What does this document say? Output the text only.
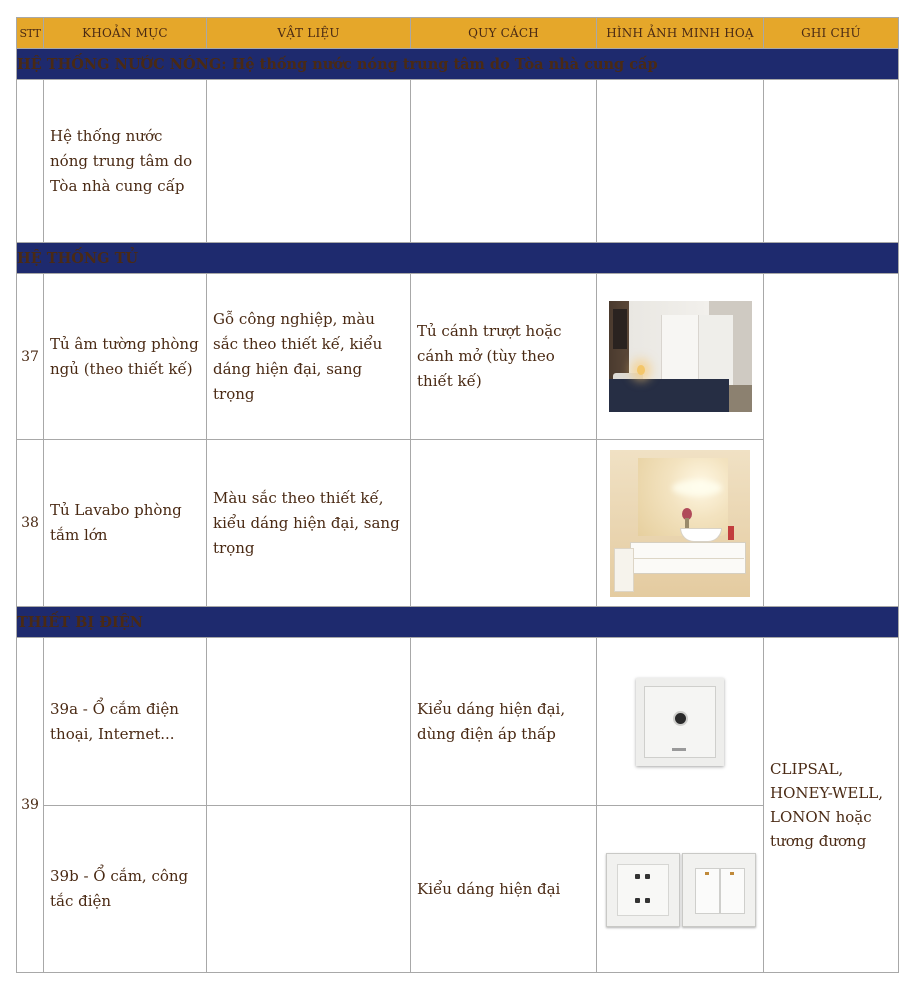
STT	KHOẢN MỤC	VẬT LIỆU	QUY CÁCH	HÌNH ẢNH MINH HOẠ	GHI CHÚ
HỆ THỐNG NƯỚC NÓNG: Hệ thống nước nóng trung tâm do Tòa nhà cung cấp					
	Hệ thống nước nóng trung tâm do Tòa nhà cung cấp				
HỆ THỐNG TỦ					
37	Tủ âm tường phòng ngủ (theo thiết kế)	Gỗ công nghiệp, màu sắc theo thiết kế, kiểu dáng hiện đại, sang trọng	Tủ cánh trượt hoặc cánh mở (tùy theo thiết kế)	

38	Tủ Lavabo phòng tắm lớn	Màu sắc theo thiết kế, kiểu dáng hiện đại, sang trọng			

THIẾT BỊ ĐIỆN					
39	39a - Ổ cắm điện thoại, Internet...		Kiểu dáng hiện đại, dùng điện áp thấp		CLIPSAL, HONEY-WELL, LONON hoặc tương đương
	39b - Ổ cắm, công tắc điện		Kiểu dáng hiện đại		
